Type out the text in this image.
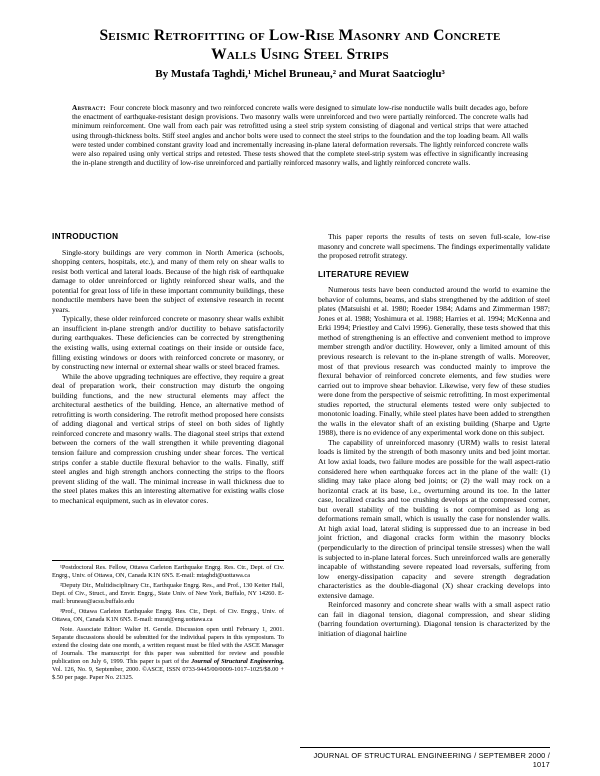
Seismic Retrofitting of Low-Rise Masonry and Concrete
Walls Using Steel Strips
By Mustafa Taghdi,¹ Michel Bruneau,² and Murat Saatcioglu³
Abstract: Four concrete block masonry and two reinforced concrete walls were designed to simulate low-rise nonductile walls built decades ago, before the enactment of earthquake-resistant design provisions. Two masonry walls were unreinforced and two were partially reinforced. The concrete walls had minimum reinforcement. One wall from each pair was retrofitted using a steel strip system consisting of diagonal and vertical strips that were attached using through-thickness bolts. Stiff steel angles and anchor bolts were used to connect the steel strips to the foundation and the top loading beam. All walls were tested under combined constant gravity load and incrementally increasing in-plane lateral deformation reversals. The lightly reinforced concrete walls were also repaired using only vertical strips and retested. These tests showed that the complete steel-strip system was effective in significantly increasing the in-plane strength and ductility of low-rise unreinforced and partially reinforced masonry walls, and lightly reinforced concrete walls.
INTRODUCTION

Single-story buildings are very common in North America (schools, shopping centers, hospitals, etc.), and many of them rely on shear walls to resist both vertical and lateral loads. Because of the high risk of earthquake damage to older unreinforced or lightly reinforced shear walls, and the potential for great loss of life in these important community buildings, these nonductile members have been the subject of extensive research in recent years.

Typically, these older reinforced concrete or masonry shear walls exhibit an insufficient in-plane strength and/or ductility to behave satisfactorily during earthquakes. These deficiencies can be corrected by strengthening the existing walls, using external coatings on their inside or outside face, filling existing windows or doors with reinforced concrete or masonry, or by constructing new internal or external shear walls or steel braced frames.

While the above upgrading techniques are effective, they require a great deal of preparation work, their construction may disturb the ongoing building functions, and the new structural elements may affect the architectural aesthetics of the building. Hence, an alternative method of retrofitting is worth considering. The retrofit method proposed here consists of adding diagonal and vertical strips of steel on both sides of lightly reinforced concrete and masonry walls. The diagonal steel strips that extend between the corners of the wall strengthen it while preventing diagonal tension failure and compression crushing under shear forces. The vertical strips confer a stable ductile flexural behavior to the walls. Finally, stiff steel angles and high strength anchors connecting the strips to the floors prevent sliding of the wall. The minimal increase in wall thickness due to the steel plates makes this an interesting alternative for existing walls close to mechanical equipment, such as in elevator cores.

¹Postdoctoral Res. Fellow, Ottawa Carleton Earthquake Engrg. Res. Ctr., Dept. of Civ. Engrg., Univ. of Ottawa, ON, Canada K1N 6N5. E-mail: mtaghdi@uottawa.ca

²Deputy Dir., Multidisciplinary Ctr., Earthquake Engrg. Res., and Prof., 130 Ketter Hall, Dept. of Civ., Struct., and Envir. Engrg., State Univ. of New York, Buffalo, NY 14260. E-mail: bruneau@acsu.buffalo.edu

³Prof., Ottawa Carleton Earthquake Engrg. Res. Ctr., Dept. of Civ. Engrg., Univ. of Ottawa, ON, Canada K1N 6N5. E-mail: murat@eng.uottawa.ca

Note. Associate Editor: Walter H. Gerstle. Discussion open until February 1, 2001. Separate discussions should be submitted for the individual papers in this symposium. To extend the closing date one month, a written request must be filed with the ASCE Manager of Journals. The manuscript for this paper was submitted for review and possible publication on July 6, 1999. This paper is part of the Journal of Structural Engineering, Vol. 126, No. 9, September, 2000. ©ASCE, ISSN 0733-9445/00/0009-1017–1025/$8.00 + $.50 per page. Paper No. 21325.

This paper reports the results of tests on seven full-scale, low-rise masonry and concrete wall specimens. The findings experimentally validate the proposed retrofit strategy.

LITERATURE REVIEW

Numerous tests have been conducted around the world to examine the behavior of columns, beams, and slabs strengthened by the addition of steel plates (Matsuishi et al. 1980; Roeder 1984; Adams and Zimmerman 1987; Jones et al. 1988; Yoshimura et al. 1988; Harries et al. 1994; McKenna and Erki 1994; Priestley and Calvi 1996). Generally, these tests showed that this method of strengthening is an effective and convenient method to improve member strength and/or ductility. However, only a limited amount of this previous research is relevant to the in-plane strength of walls. Moreover, most of that previous research was conducted mainly to improve the flexural behavior of reinforced concrete elements, and few studies were carried out to improve shear behavior. Likewise, very few of these studies were done from the perspective of seismic retrofitting. In most experimental studies reported, the structural elements tested were only subjected to monotonic loading. Finally, while steel plates have been added to strengthen the walls in the elevator shaft of an existing building (Sharpe and Ugrte 1988), there is no evidence of any experimental work done on this subject.

The capability of unreinforced masonry (URM) walls to resist lateral loads is limited by the strength of both masonry units and bed joint mortar. At low axial loads, two failure modes are possible for the wall aspect-ratio considered here when earthquake forces act in the plane of the wall: (1) sliding may take place along bed joints; or (2) the wall may rock on a horizontal crack at its base, i.e., overturning around its toe. In the latter case, localized cracks and toe crushing develops at the compressed corner, but overall stability of the building is not compromised as long as deformations remain small, which is usually the case for nonslender walls. At high axial load, lateral sliding is suppressed due to an increase in bed joint friction, and diagonal cracks form within the masonry blocks (perpendicularly to the direction of principal tensile stresses) when the wall is subjected to in-plane lateral forces. Such unreinforced walls are generally incapable of withstanding severe repeated load reversals, suffering from low energy-dissipation capacity and severe strength degradation characteristics as the double-diagonal (X) shear cracking develops into extensive damage.

Reinforced masonry and concrete shear walls with a small aspect ratio can fail in diagonal tension, diagonal compression, and shear sliding (barring foundation overturning). Diagonal tension is characterized by the initiation of diagonal hairline

JOURNAL OF STRUCTURAL ENGINEERING / SEPTEMBER 2000 / 1017
